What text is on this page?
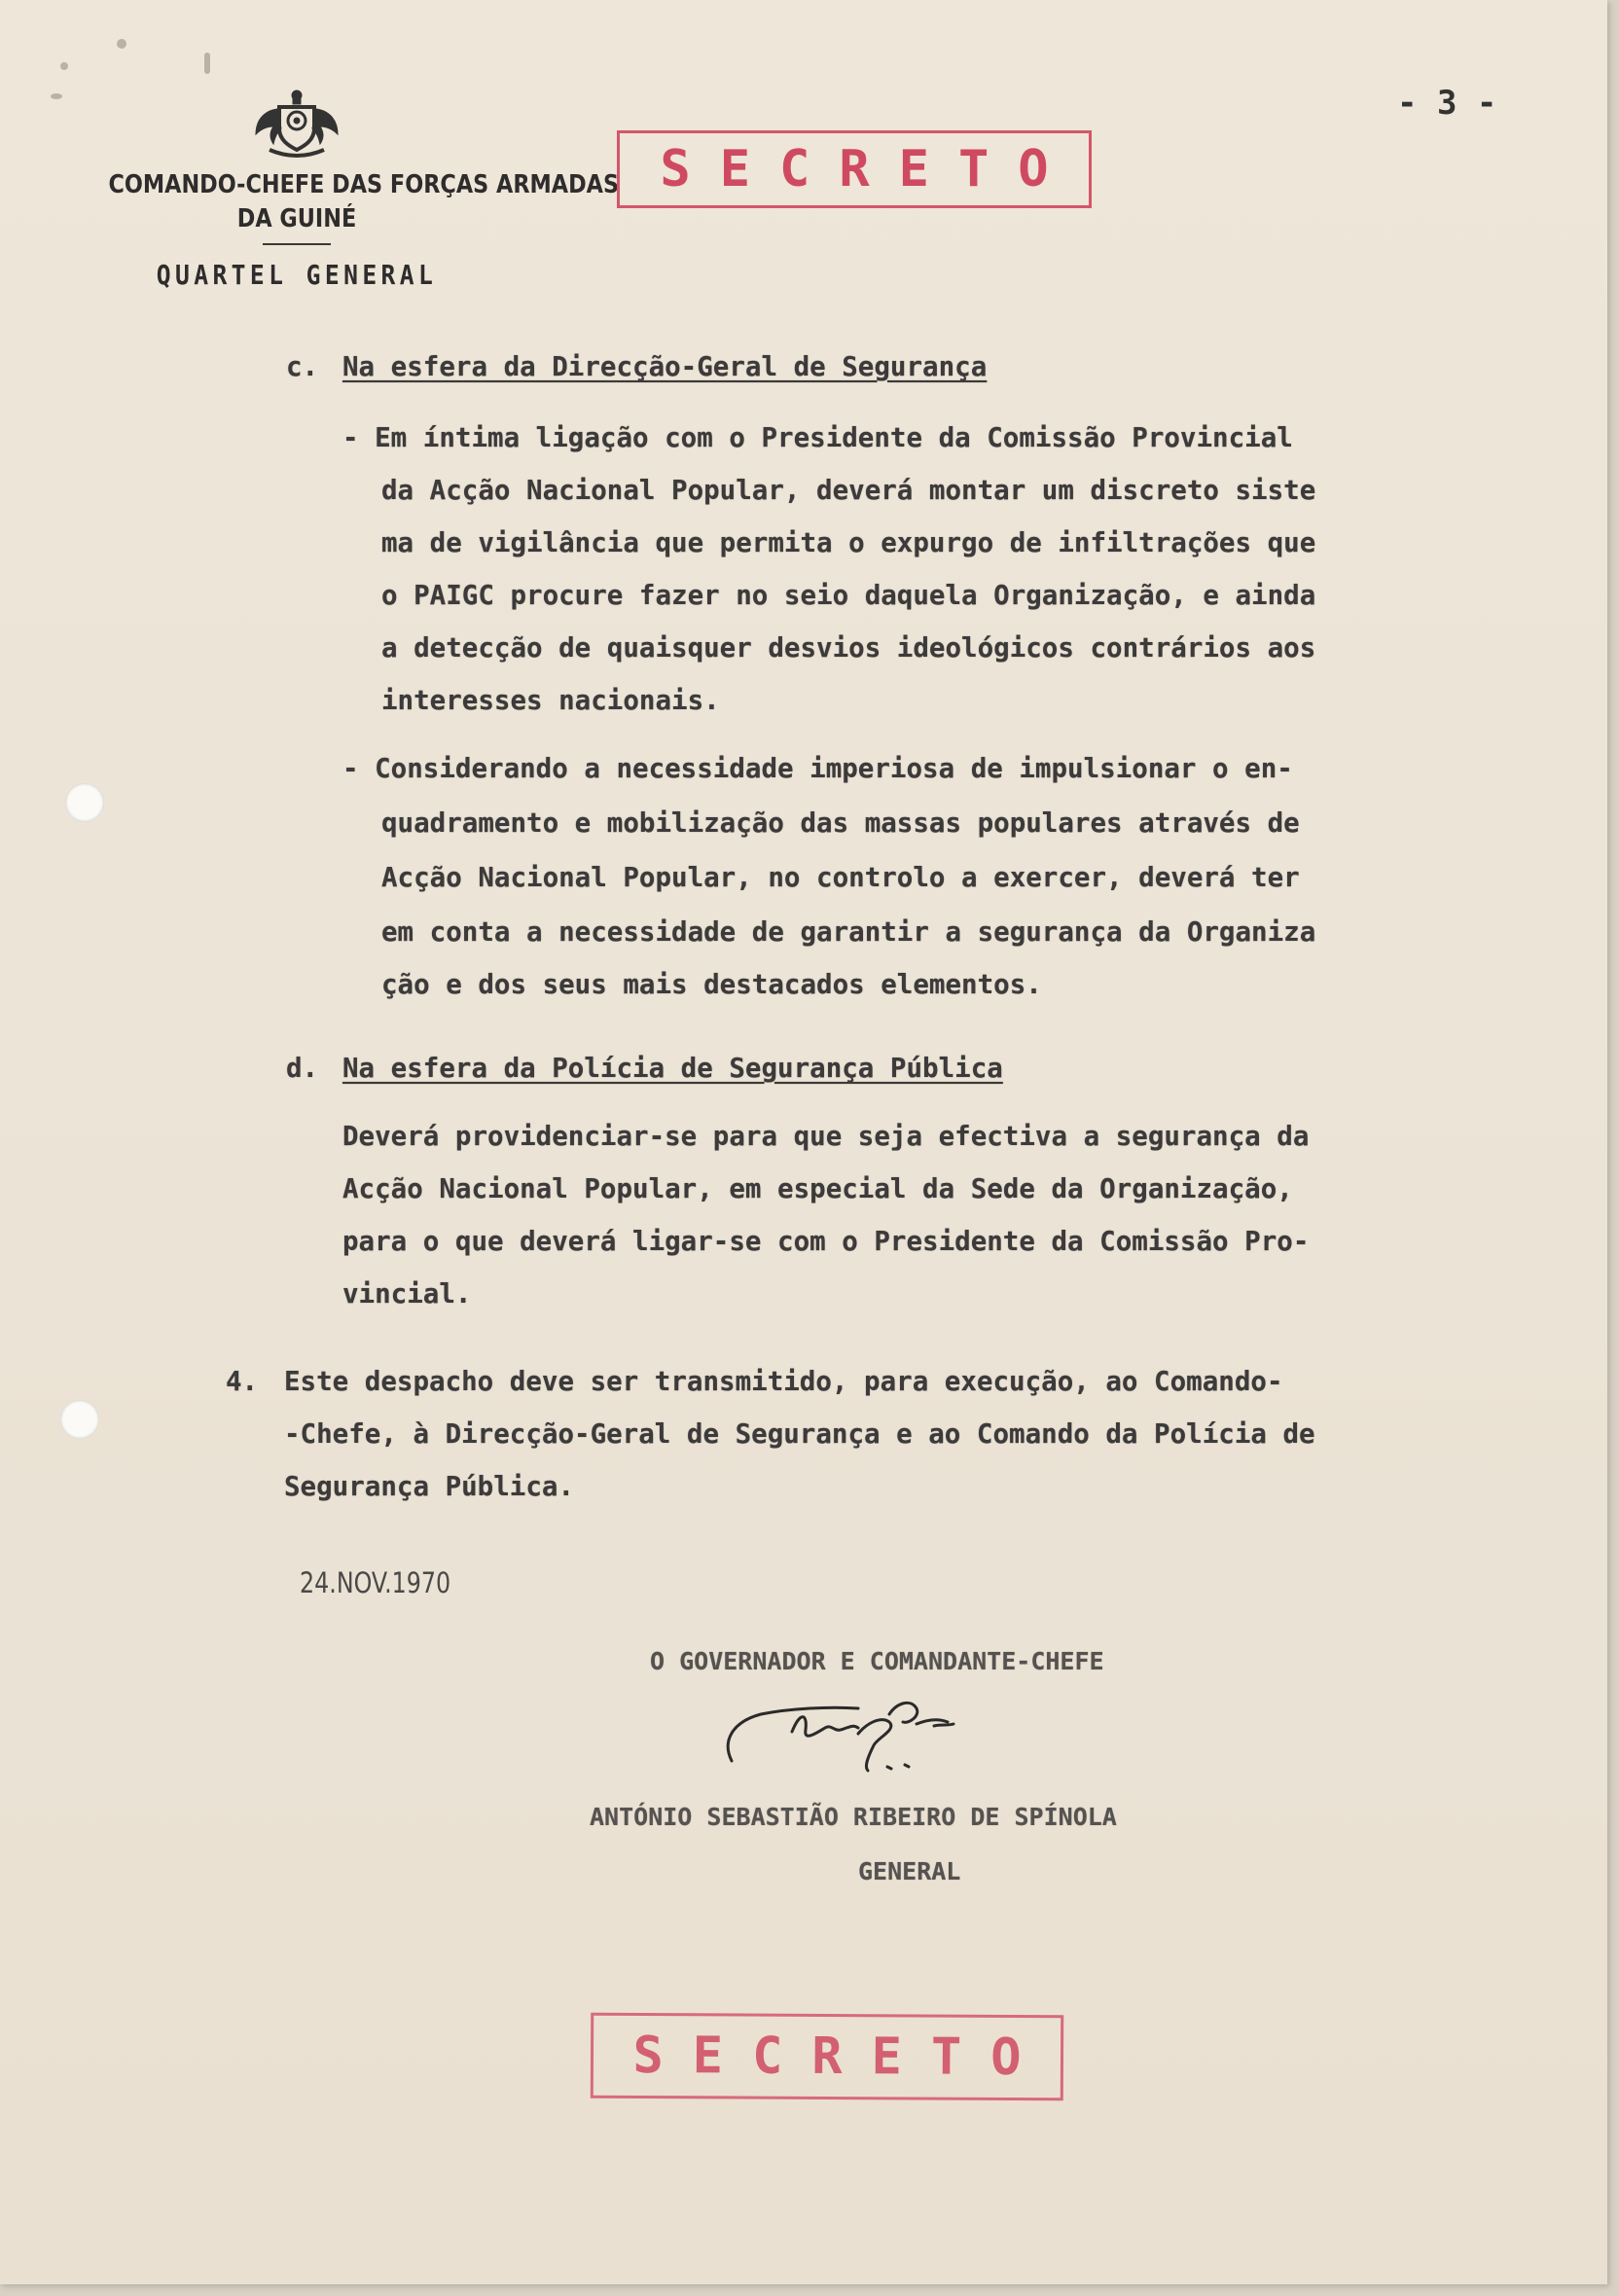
COMANDO-CHEFE DAS FORÇAS ARMADAS
DA GUINÉ
QUARTEL GENERAL
SECRETO
- 3 -
c. Na esfera da Direcção-Geral de Segurança
- Em íntima ligação com o Presidente da Comissão Provincial
da Acção Nacional Popular, deverá montar um discreto siste
ma de vigilância que permita o expurgo de infiltrações que
o PAIGC procure fazer no seio daquela Organização, e ainda
a detecção de quaisquer desvios ideológicos contrários aos
interesses nacionais.
- Considerando a necessidade imperiosa de impulsionar o en-
quadramento e mobilização das massas populares através de
Acção Nacional Popular, no controlo a exercer, deverá ter
em conta a necessidade de garantir a segurança da Organiza
ção e dos seus mais destacados elementos.
d. Na esfera da Polícia de Segurança Pública
Deverá providenciar-se para que seja efectiva a segurança da
Acção Nacional Popular, em especial da Sede da Organização,
para o que deverá ligar-se com o Presidente da Comissão Pro-
vincial.
4. Este despacho deve ser transmitido, para execução, ao Comando-
-Chefe, à Direcção-Geral de Segurança e ao Comando da Polícia de
Segurança Pública.
24.NOV.1970
O GOVERNADOR E COMANDANTE-CHEFE
ANTÓNIO SEBASTIÃO RIBEIRO DE SPÍNOLA
GENERAL
SECRETO
